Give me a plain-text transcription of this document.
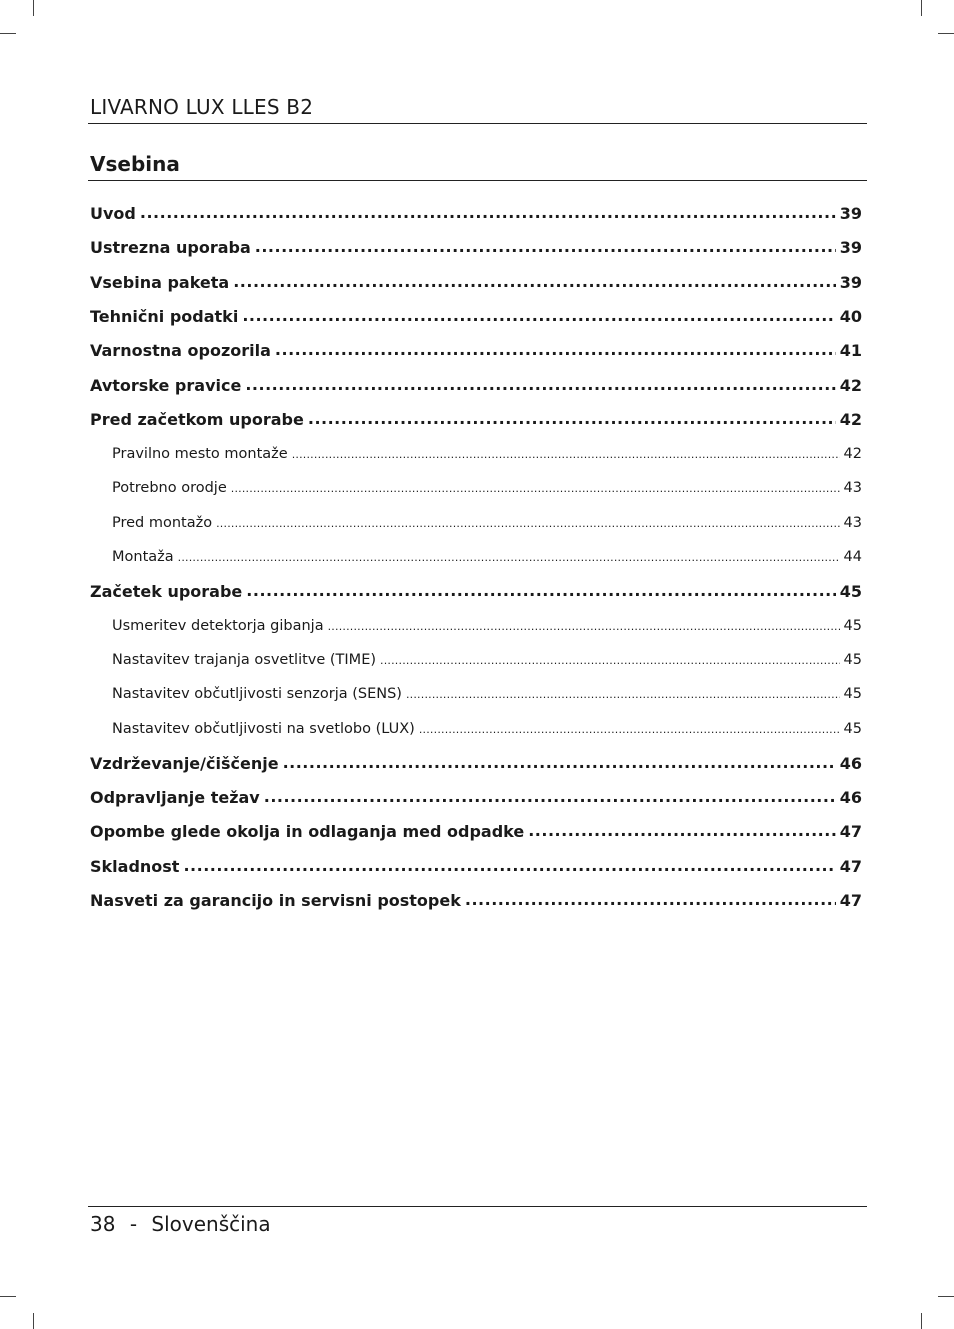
LIVARNO LUX LLES B2
Vsebina
Uvod .....	39
Ustrezna uporaba .....	39
Vsebina paketa .....	39
Tehnični podatki .....	40
Varnostna opozorila .....	41
Avtorske pravice .....	42
Pred začetkom uporabe .....	42
Pravilno mesto montaže .....	42
Potrebno orodje .....	43
Pred montažo .....	43
Montaža .....	44
Začetek uporabe .....	45
Usmeritev detektorja gibanja .....	45
Nastavitev trajanja osvetlitve (TIME) .....	45
Nastavitev občutljivosti senzorja (SENS) .....	45
Nastavitev občutljivosti na svetlobo (LUX) .....	45
Vzdrževanje/čiščenje .....	46
Odpravljanje težav .....	46
Opombe glede okolja in odlaganja med odpadke .....	47
Skladnost .....	47
Nasveti za garancijo in servisni postopek .....	47
38 - Slovenščina
